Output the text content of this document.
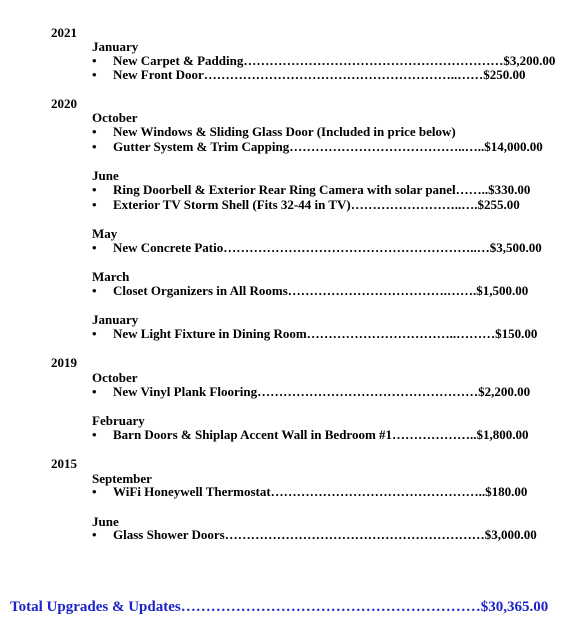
2021
January
• New Carpet & Padding……………………………………………………$3,200.00
• New Front Door…………………………………………………..……$250.00
2020
October
• New Windows & Sliding Glass Door (Included in price below)
• Gutter System & Trim Capping…………………………………..…..$14,000.00
June
• Ring Doorbell & Exterior Rear Ring Camera with solar panel……..$330.00
• Exterior TV Storm Shell (Fits 32-44 in TV)……………………..….$255.00
May
• New Concrete Patio…………………………………………………..…$3,500.00
March
• Closet Organizers in All Rooms……………………………….…….$1,500.00
January
• New Light Fixture in Dining Room……………………………..………$150.00
2019
October
• New Vinyl Plank Flooring……………………………………………$2,200.00
February
• Barn Doors & Shiplap Accent Wall in Bedroom #1………………..$1,800.00
2015
September
• WiFi Honeywell Thermostat…………………………………………..$180.00
June
• Glass Shower Doors……………………………………………………$3,000.00
Total Upgrades & Updates……………………………………………………$30,365.00
